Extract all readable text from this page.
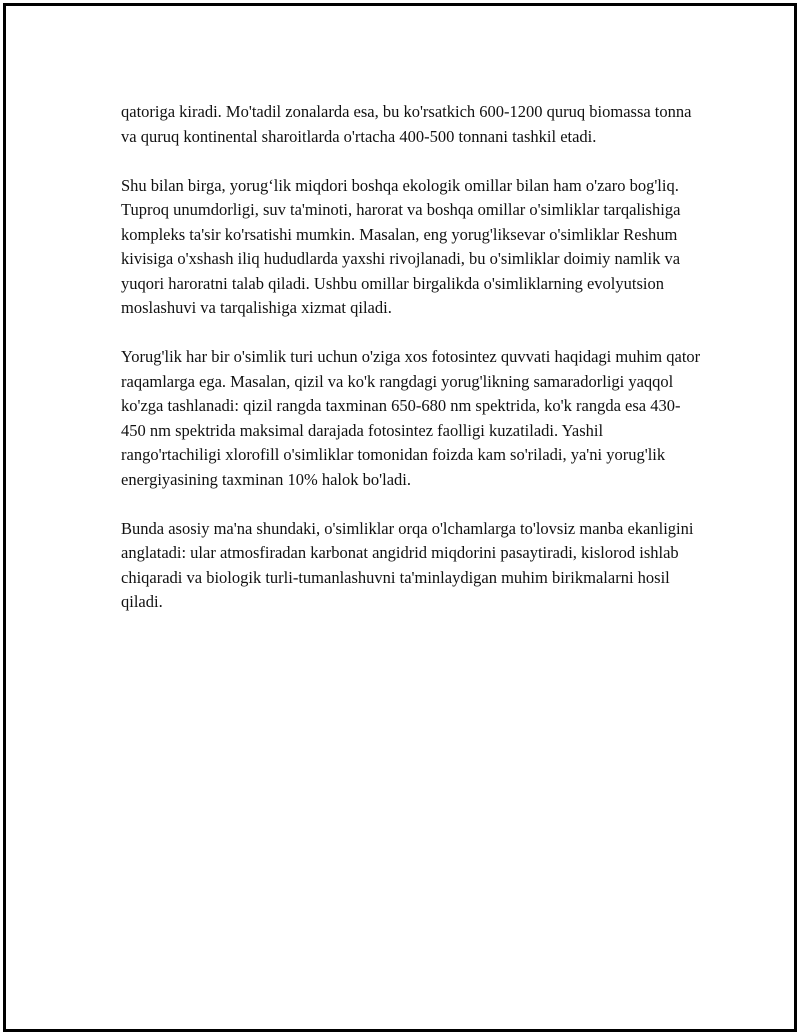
qatoriga kiradi. Mo'tadil zonalarda esa, bu ko'rsatkich 600-1200 quruq biomassa tonna va quruq kontinental sharoitlarda o'rtacha 400-500 tonnani tashkil etadi.

Shu bilan birga, yorug‘lik miqdori boshqa ekologik omillar bilan ham o'zaro bog'liq. Tuproq unumdorligi, suv ta'minoti, harorat va boshqa omillar o'simliklar tarqalishiga kompleks ta'sir ko'rsatishi mumkin. Masalan, eng yorug'liksevar o'simliklar Reshum kivisiga o'xshash iliq hududlarda yaxshi rivojlanadi, bu o'simliklar doimiy namlik va yuqori haroratni talab qiladi. Ushbu omillar birgalikda o'simliklarning evolyutsion moslashuvi va tarqalishiga xizmat qiladi.

Yorug'lik har bir o'simlik turi uchun o'ziga xos fotosintez quvvati haqidagi muhim qator raqamlarga ega. Masalan, qizil va ko'k rangdagi yorug'likning samaradorligi yaqqol ko'zga tashlanadi: qizil rangda taxminan 650-680 nm spektrida, ko'k rangda esa 430-450 nm spektrida maksimal darajada fotosintez faolligi kuzatiladi. Yashil rango'rtachiligi xlorofill o'simliklar tomonidan foizda kam so'riladi, ya'ni yorug'lik energiyasining taxminan 10% halok bo'ladi.

Bunda asosiy ma'na shundaki, o'simliklar orqa o'lchamlarga to'lovsiz manba ekanligini anglatadi: ular atmosfiradan karbonat angidrid miqdorini pasaytiradi, kislorod ishlab chiqaradi va biologik turli-tumanlashuvni ta'minlaydigan muhim birikmalarni hosil qiladi.
